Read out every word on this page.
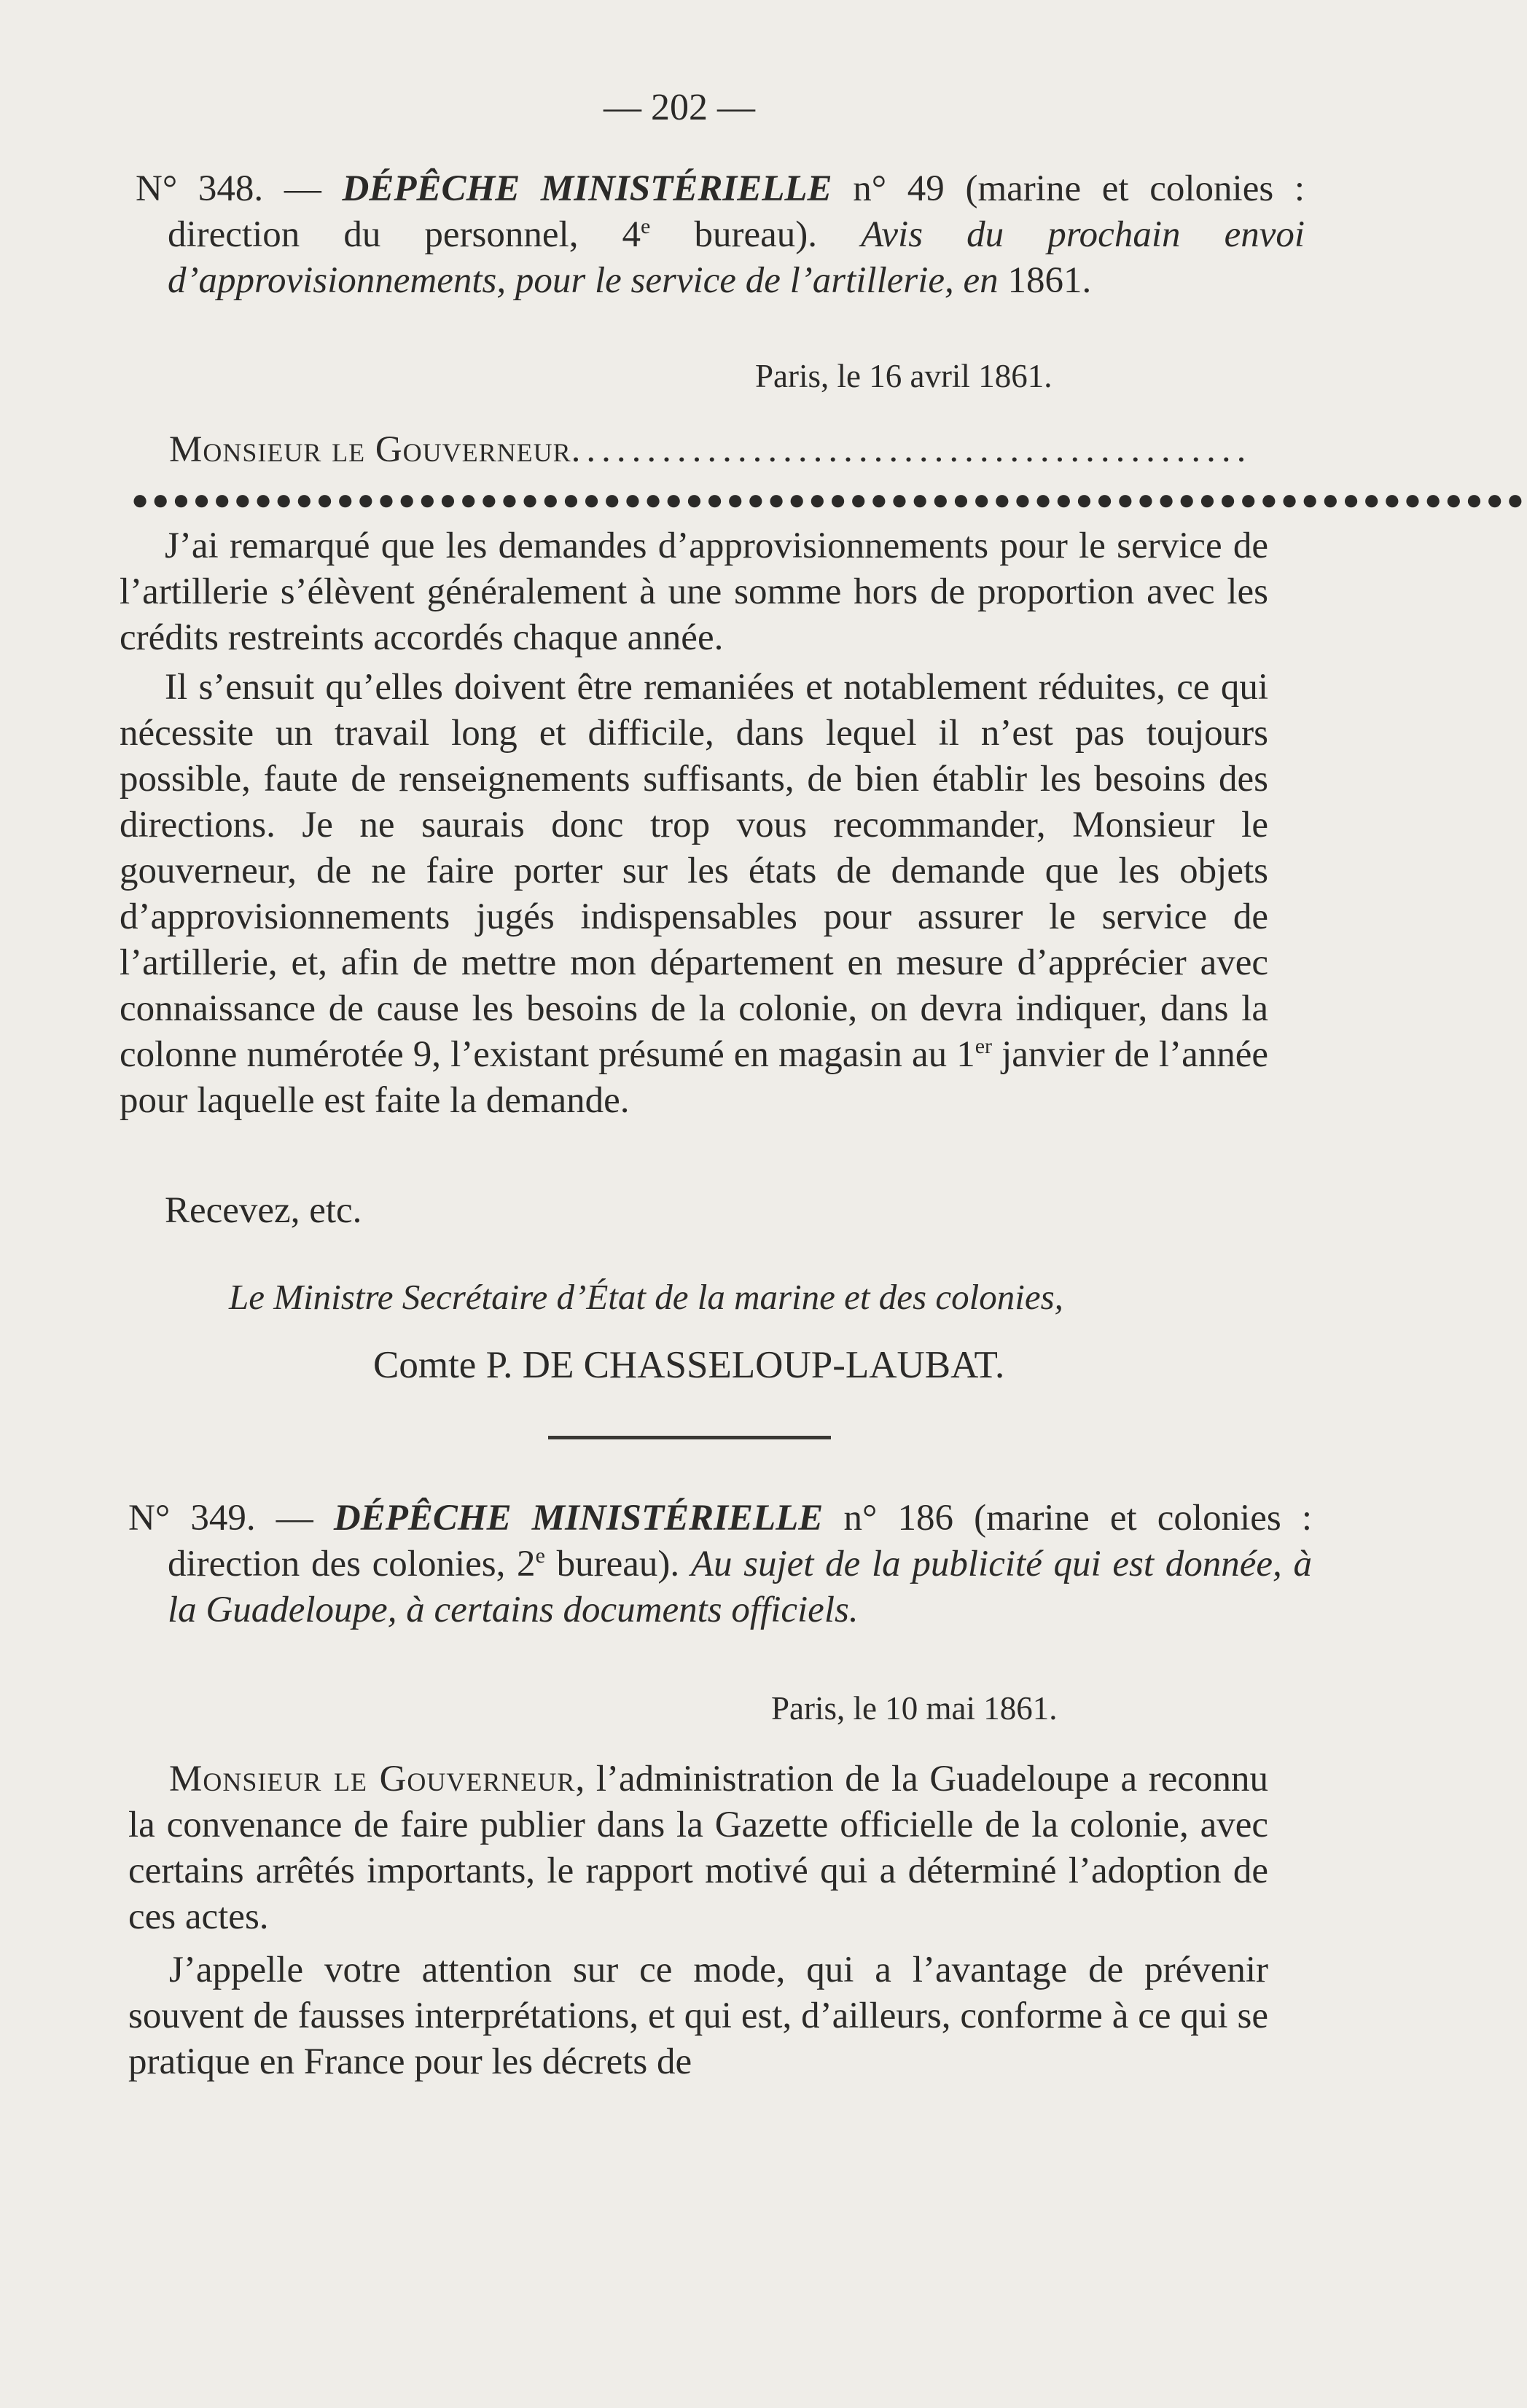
— 202 —
N° 348. — DÉPÊCHE MINISTÉRIELLE n° 49 (marine et colonies : direction du personnel, 4e bureau). Avis du prochain envoi d’approvisionnements, pour le service de l’artillerie, en 1861.
Paris, le 16 avril 1861.
Monsieur le Gouverneur.............................................
●●●●●●●●●●●●●●●●●●●●●●●●●●●●●●●●●●●●●●●●●●●●●●●●●●●●●●●●●●●●●●●●●●●●
J’ai remarqué que les demandes d’approvisionnements pour le service de l’artillerie s’élèvent généralement à une somme hors de proportion avec les crédits restreints accordés chaque année.
Il s’ensuit qu’elles doivent être remaniées et notablement réduites, ce qui nécessite un travail long et difficile, dans lequel il n’est pas toujours possible, faute de renseignements suffisants, de bien établir les besoins des directions. Je ne saurais donc trop vous recommander, Monsieur le gouverneur, de ne faire porter sur les états de demande que les objets d’approvisionnements jugés indispensables pour assurer le service de l’artillerie, et, afin de mettre mon département en mesure d’apprécier avec connaissance de cause les besoins de la colonie, on devra indiquer, dans la colonne numérotée 9, l’existant présumé en magasin au 1er janvier de l’année pour laquelle est faite la demande.
Recevez, etc.
Le Ministre Secrétaire d’État de la marine et des colonies,
Comte P. DE CHASSELOUP-LAUBAT.
N° 349. — DÉPÊCHE MINISTÉRIELLE n° 186 (marine et colonies : direction des colonies, 2e bureau). Au sujet de la publicité qui est donnée, à la Guadeloupe, à certains documents officiels.
Paris, le 10 mai 1861.
Monsieur le Gouverneur, l’administration de la Guadeloupe a reconnu la convenance de faire publier dans la Gazette officielle de la colonie, avec certains arrêtés importants, le rapport motivé qui a déterminé l’adoption de ces actes.
J’appelle votre attention sur ce mode, qui a l’avantage de prévenir souvent de fausses interprétations, et qui est, d’ailleurs, conforme à ce qui se pratique en France pour les décrets de
